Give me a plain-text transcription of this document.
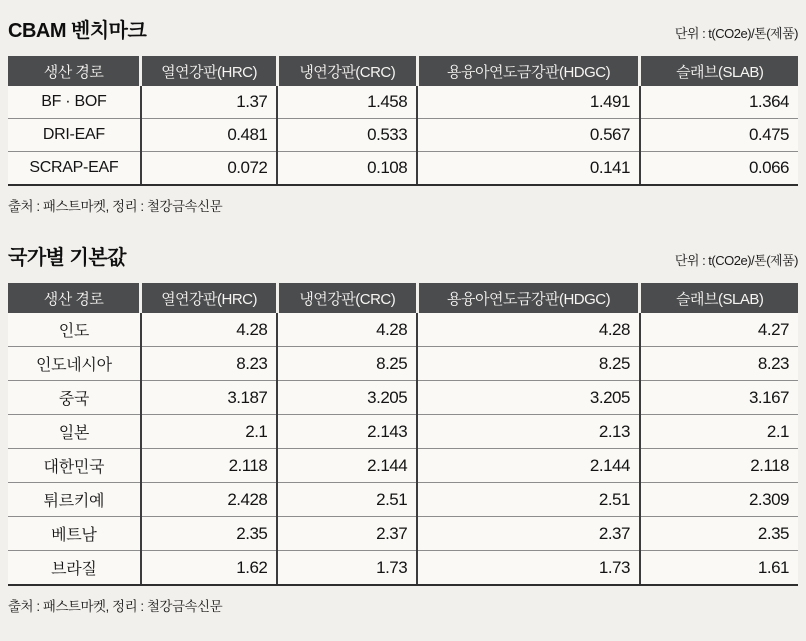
CBAM 벤치마크	단위 : t(CO2e)/톤(제품)
생산 경로	열연강판(HRC)	냉연강판(CRC)	용융아연도금강판(HDGC)	슬래브(SLAB)
BF · BOF	1.37	1.458	1.491	1.364
DRI-EAF	0.481	0.533	0.567	0.475
SCRAP-EAF	0.072	0.108	0.141	0.066
출처 : 패스트마켓, 정리 : 철강금속신문
국가별 기본값	단위 : t(CO2e)/톤(제품)
생산 경로	열연강판(HRC)	냉연강판(CRC)	용융아연도금강판(HDGC)	슬래브(SLAB)
인도	4.28	4.28	4.28	4.27
인도네시아	8.23	8.25	8.25	8.23
중국	3.187	3.205	3.205	3.167
일본	2.1	2.143	2.13	2.1
대한민국	2.118	2.144	2.144	2.118
튀르키예	2.428	2.51	2.51	2.309
베트남	2.35	2.37	2.37	2.35
브라질	1.62	1.73	1.73	1.61
출처 : 패스트마켓, 정리 : 철강금속신문
